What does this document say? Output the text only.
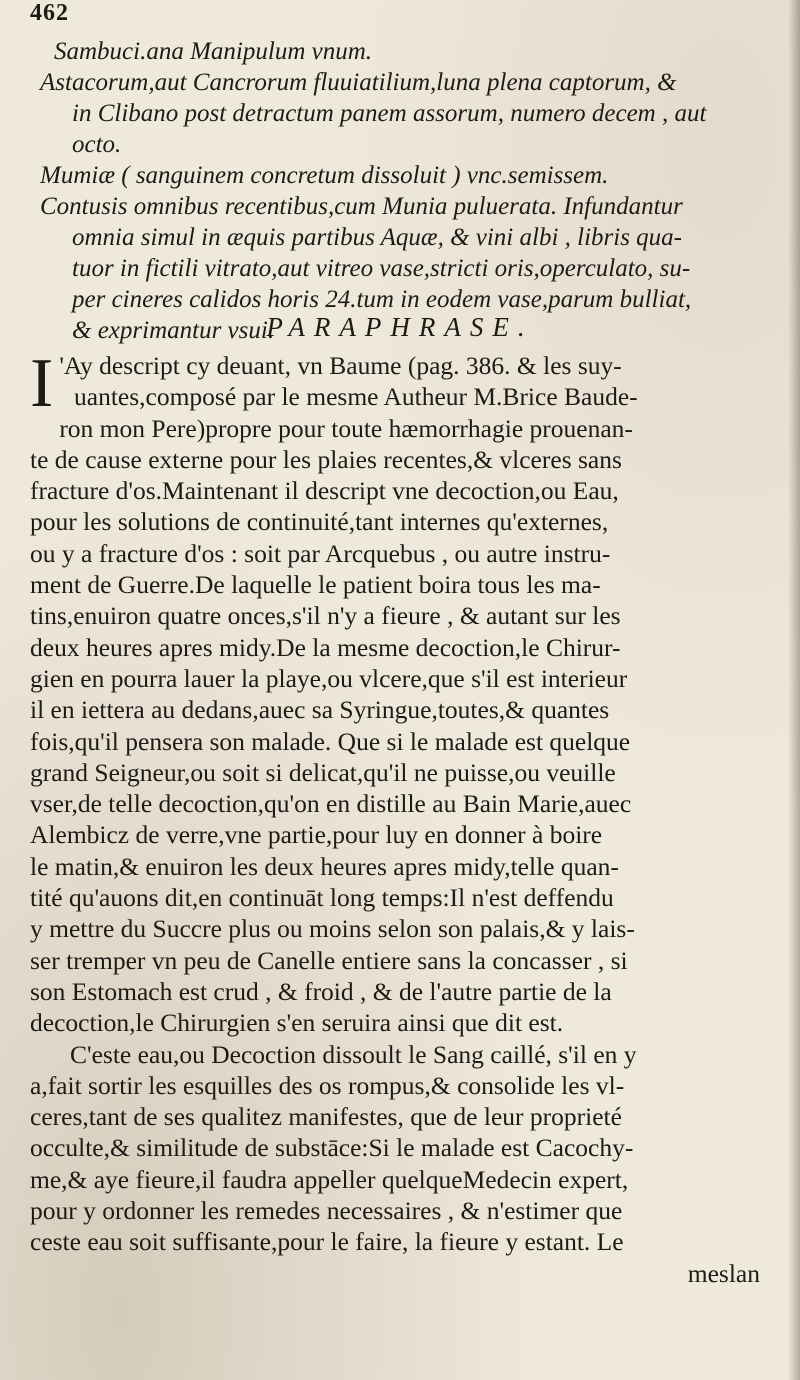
462

Sambuci.ana Manipulum vnum.

Astacorum,aut Cancrorum fluuiatilium,luna plena captorum, &

in Clibano post detractum panem assorum, numero decem , aut

octo.

Mumiæ ( sanguinem concretum dissoluit ) vnc.semissem.

Contusis omnibus recentibus,cum Munia puluerata. Infundantur

omnia simul in æquis partibus Aquæ, & vini albi , libris qua-

tuor in fictili vitrato,aut vitreo vase,stricti oris,operculato, su-

per cineres calidos horis 24.tum in eodem vase,parum bulliat,

& exprimantur vsui.

PARAPHRASE.
I 'Ay descript cy deuant, vn Baume (pag. 386. & les suy-
uantes,composé par le mesme Autheur M.Brice Baude-
ron mon Pere)propre pour toute hæmorrhagie prouenan-
te de cause externe pour les plaies recentes,& vlceres sans
fracture d'os.Maintenant il descript vne decoction,ou Eau,
pour les solutions de continuité,tant internes qu'externes,
ou y a fracture d'os : soit par Arcquebus , ou autre instru-
ment de Guerre.De laquelle le patient boira tous les ma-
tins,enuiron quatre onces,s'il n'y a fieure , & autant sur les
deux heures apres midy.De la mesme decoction,le Chirur-
gien en pourra lauer la playe,ou vlcere,que s'il est interieur
il en iettera au dedans,auec sa Syringue,toutes,& quantes
fois,qu'il pensera son malade. Que si le malade est quelque
grand Seigneur,ou soit si delicat,qu'il ne puisse,ou veuille
vser,de telle decoction,qu'on en distille au Bain Marie,auec
Alembicz de verre,vne partie,pour luy en donner à boire
le matin,& enuiron les deux heures apres midy,telle quan-
tité qu'auons dit,en continuāt long temps:Il n'est deffendu
y mettre du Succre plus ou moins selon son palais,& y lais-
ser tremper vn peu de Canelle entiere sans la concasser , si
son Estomach est crud , & froid , & de l'autre partie de la
decoction,le Chirurgien s'en seruira ainsi que dit est.
C'este eau,ou Decoction dissoult le Sang caillé, s'il en y
a,fait sortir les esquilles des os rompus,& consolide les vl-
ceres,tant de ses qualitez manifestes, que de leur proprieté
occulte,& similitude de substāce:Si le malade est Cacochy-
me,& aye fieure,il faudra appeller quelqueMedecin expert,
pour y ordonner les remedes necessaires , & n'estimer que
ceste eau soit suffisante,pour le faire, la fieure y estant. Le
meslan
